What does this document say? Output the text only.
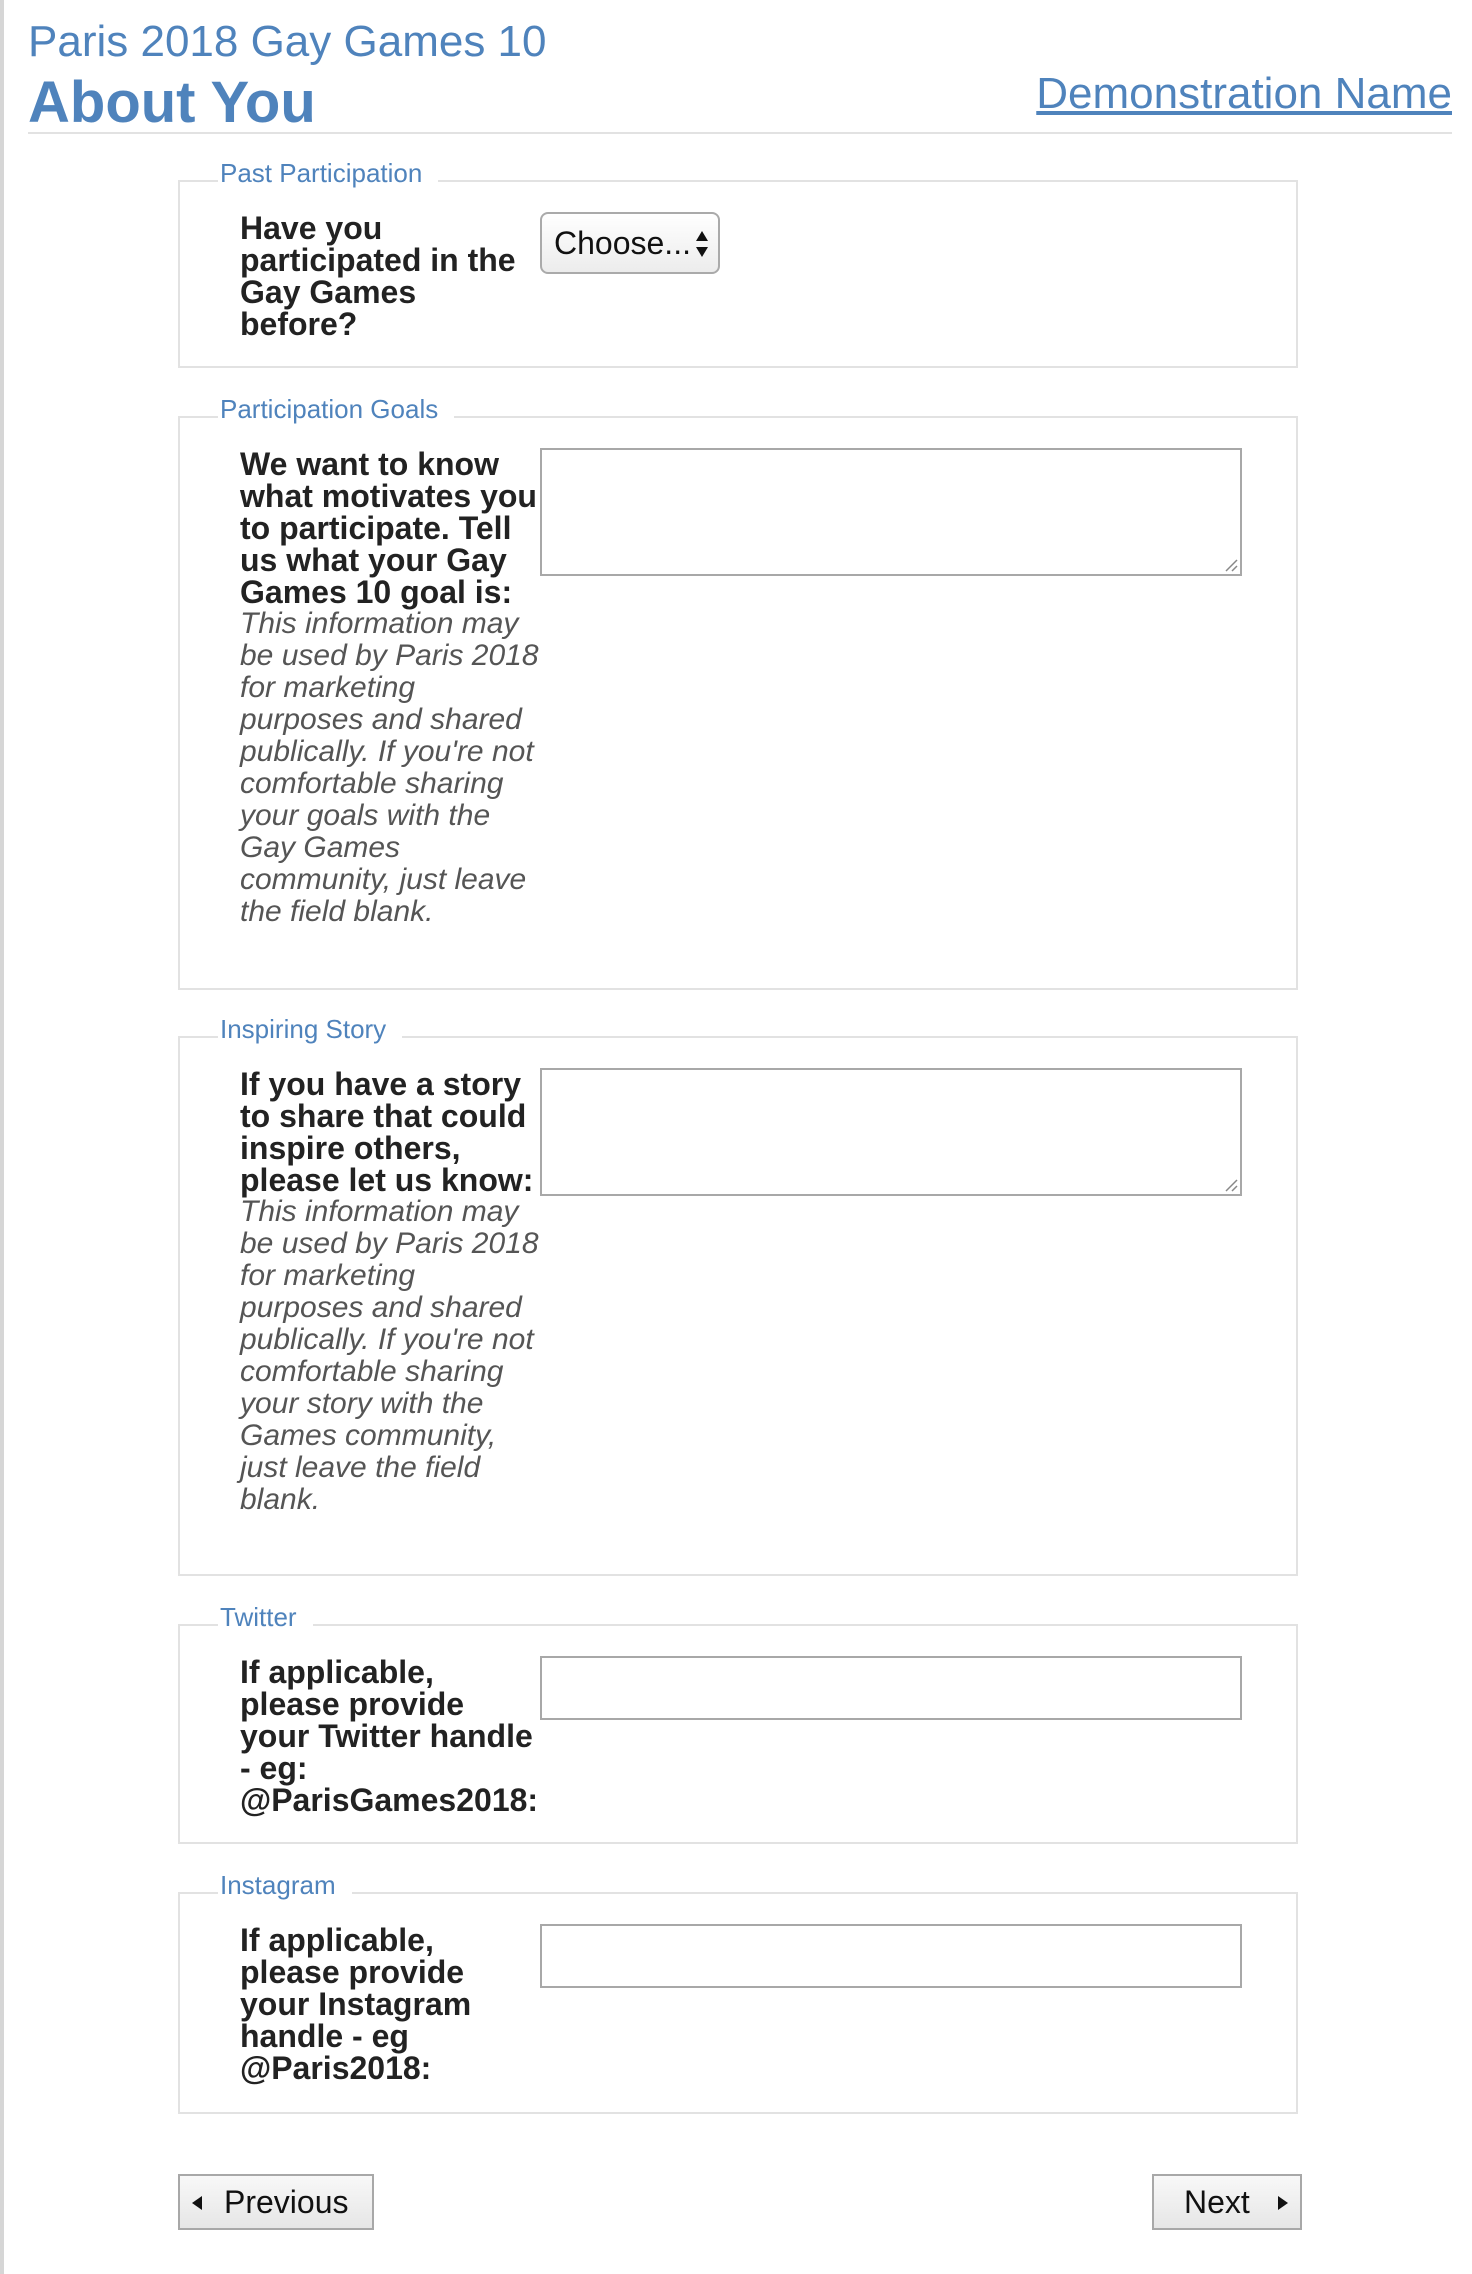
Paris 2018 Gay Games 10
About You	Demonstration Name
Past Participation
Have you participated in the Gay Games before?
Choose...
Participation Goals
We want to know what motivates you to participate. Tell us what your Gay Games 10 goal is:
This information may be used by Paris 2018 for marketing purposes and shared publically. If you're not comfortable sharing your goals with the Gay Games community, just leave the field blank.
Inspiring Story
If you have a story to share that could inspire others, please let us know:
This information may be used by Paris 2018 for marketing purposes and shared publically. If you're not comfortable sharing your story with the Games community, just leave the field blank.
Twitter
If applicable, please provide your Twitter handle - eg: @ParisGames2018:
Instagram
If applicable, please provide your Instagram handle - eg @Paris2018:
Previous	Next
